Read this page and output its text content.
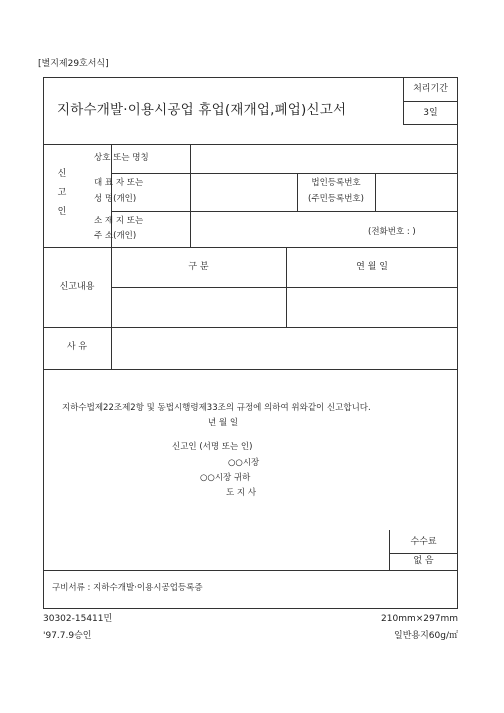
[별지제29호서식]
처리기간
3일
지하수개발·이용시공업 휴업(재개업,폐업)신고서
신
고
인
상호 또는 명칭
대 표 자 또는
성 명(개인)
법인등록번호
(주민등록번호)
소 재 지 또는
주 소(개인)	(전화번호 : )
신고내용
구 분	연 월 일
사 유
지하수법제22조제2항 및 동법시행령제33조의 규정에 의하여 위와같이 신고합니다.
년 월 일
신고인 (서명 또는 인)
○○시장
○○시장 귀하
도 지 사
수수료
없 음
구비서류 : 지하수개발·이용시공업등록증
30302-15411민
'97.7.9승인
210mm×297mm
일반용지60g/㎡
